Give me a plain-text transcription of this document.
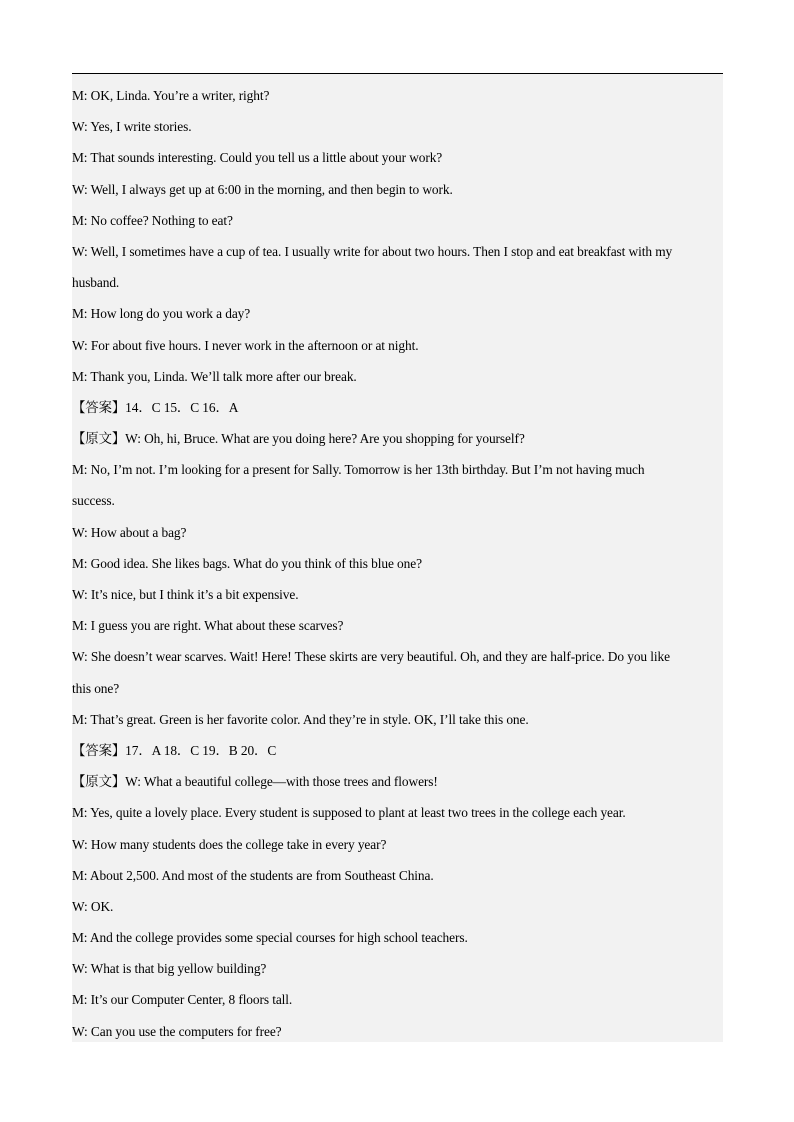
M: OK, Linda. You’re a writer, right?
W: Yes, I write stories.
M: That sounds interesting. Could you tell us a little about your work?
W: Well, I always get up at 6:00 in the morning, and then begin to work.
M: No coffee? Nothing to eat?
W: Well, I sometimes have a cup of tea. I usually write for about two hours. Then I stop and eat breakfast with my
husband.
M: How long do you work a day?
W: For about five hours. I never work in the afternoon or at night.
M: Thank you, Linda. We’ll talk more after our break.
【答案】14．C 15．C 16．A
【原文】W: Oh, hi, Bruce. What are you doing here? Are you shopping for yourself?
M: No, I’m not. I’m looking for a present for Sally. Tomorrow is her 13th birthday. But I’m not having much
success.
W: How about a bag?
M: Good idea. She likes bags. What do you think of this blue one?
W: It’s nice, but I think it’s a bit expensive.
M: I guess you are right. What about these scarves?
W: She doesn’t wear scarves. Wait! Here! These skirts are very beautiful. Oh, and they are half-price. Do you like
this one?
M: That’s great. Green is her favorite color. And they’re in style. OK, I’ll take this one.
【答案】17．A 18．C 19．B 20．C
【原文】W: What a beautiful college—with those trees and flowers!
M: Yes, quite a lovely place. Every student is supposed to plant at least two trees in the college each year.
W: How many students does the college take in every year?
M: About 2,500. And most of the students are from Southeast China.
W: OK.
M: And the college provides some special courses for high school teachers.
W: What is that big yellow building?
M: It’s our Computer Center, 8 floors tall.
W: Can you use the computers for free?
